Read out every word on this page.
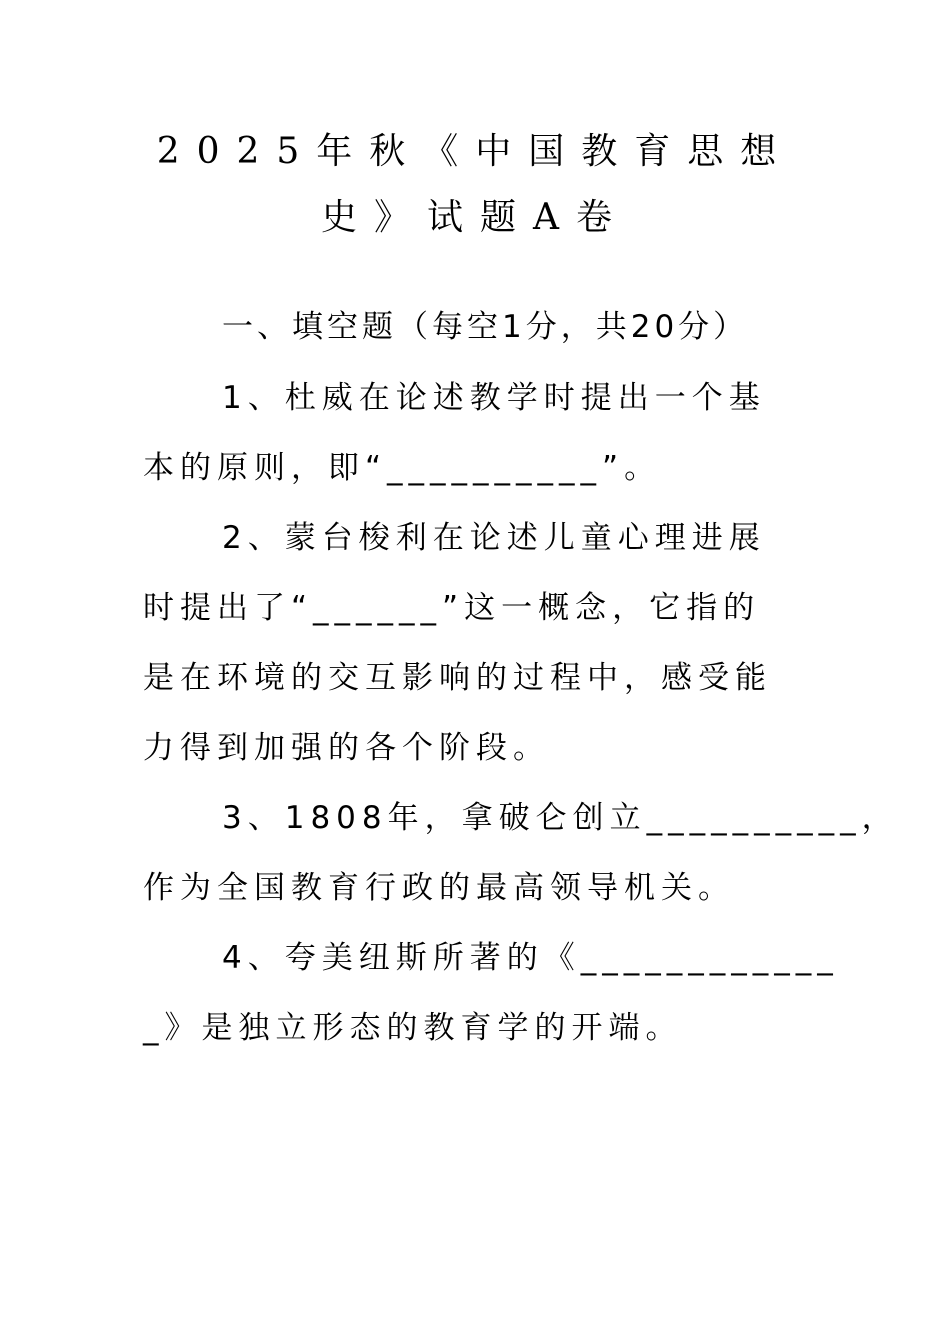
2025年秋《中国教育思想
史》试题A卷
一、填空题（每空1分，共20分）
1、杜威在论述教学时提出一个基
本的原则，即“__________”。
2、蒙台梭利在论述儿童心理进展
时提出了“______”这一概念，它指的
是在环境的交互影响的过程中，感受能
力得到加强的各个阶段。
3、1808年，拿破仑创立__________，
作为全国教育行政的最高领导机关。
4、夸美纽斯所著的《____________
_》是独立形态的教育学的开端。
